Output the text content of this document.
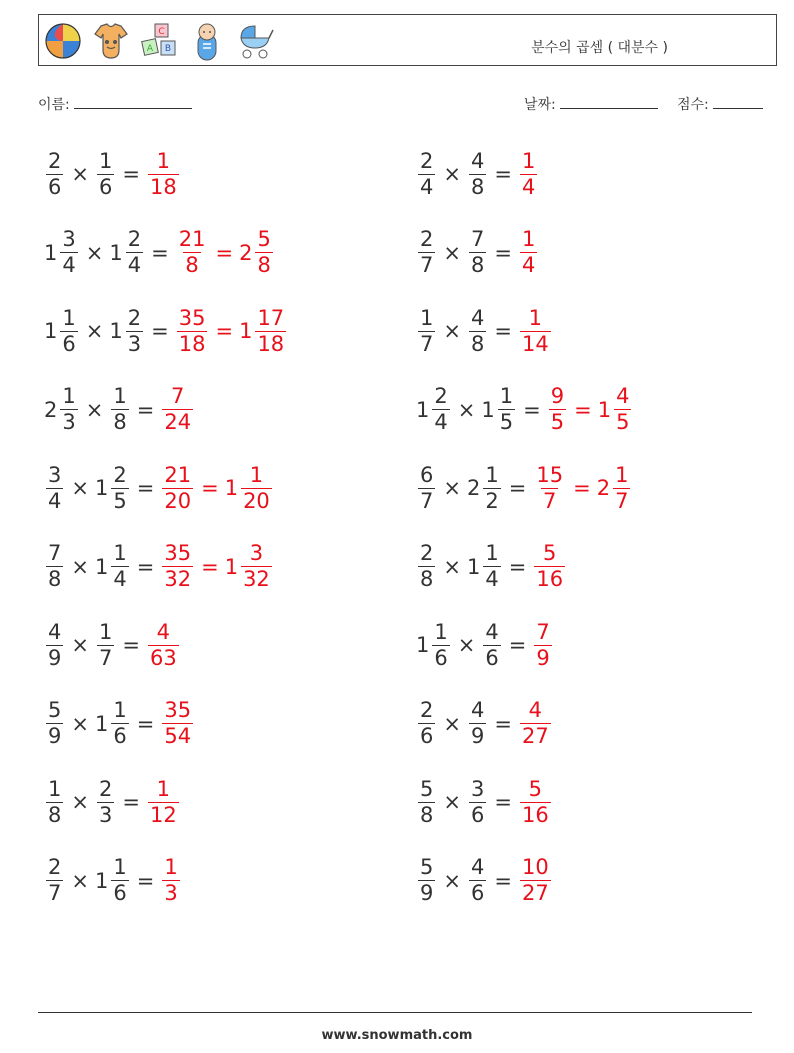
C
A B	분수의 곱셈 ( 대분수 )
이름:	날짜:	점수:
$\frac{2}{6} \times \frac{1}{6} = \frac{1}{18}$	$\frac{2}{4} \times \frac{4}{8} = \frac{1}{4}$
$1 \frac{3}{4} \times 1 \frac{2}{4} = \frac{21}{8} = 2 \frac{5}{8}$	$\frac{2}{7} \times \frac{7}{8} = \frac{1}{4}$
$1 \frac{1}{6} \times 1 \frac{2}{3} = \frac{35}{18} = 1 \frac{17}{18}$	$\frac{1}{7} \times \frac{4}{8} = \frac{1}{14}$
$2 \frac{1}{3} \times \frac{1}{8} = \frac{7}{24}$	$1 \frac{2}{4} \times 1 \frac{1}{5} = \frac{9}{5} = 1 \frac{4}{5}$
$\frac{3}{4} \times 1 \frac{2}{5} = \frac{21}{20} = 1 \frac{1}{20}$	$\frac{6}{7} \times 2 \frac{1}{2} = \frac{15}{7} = 2 \frac{1}{7}$
$\frac{7}{8} \times 1 \frac{1}{4} = \frac{35}{32} = 1 \frac{3}{32}$	$\frac{2}{8} \times 1 \frac{1}{4} = \frac{5}{16}$
$\frac{4}{9} \times \frac{1}{7} = \frac{4}{63}$	$1 \frac{1}{6} \times \frac{4}{6} = \frac{7}{9}$
$\frac{5}{9} \times 1 \frac{1}{6} = \frac{35}{54}$	$\frac{2}{6} \times \frac{4}{9} = \frac{4}{27}$
$\frac{1}{8} \times \frac{2}{3} = \frac{1}{12}$	$\frac{5}{8} \times \frac{3}{6} = \frac{5}{16}$
$\frac{2}{7} \times 1 \frac{1}{6} = \frac{1}{3}$	$\frac{5}{9} \times \frac{4}{6} = \frac{10}{27}$
www.snowmath.com
